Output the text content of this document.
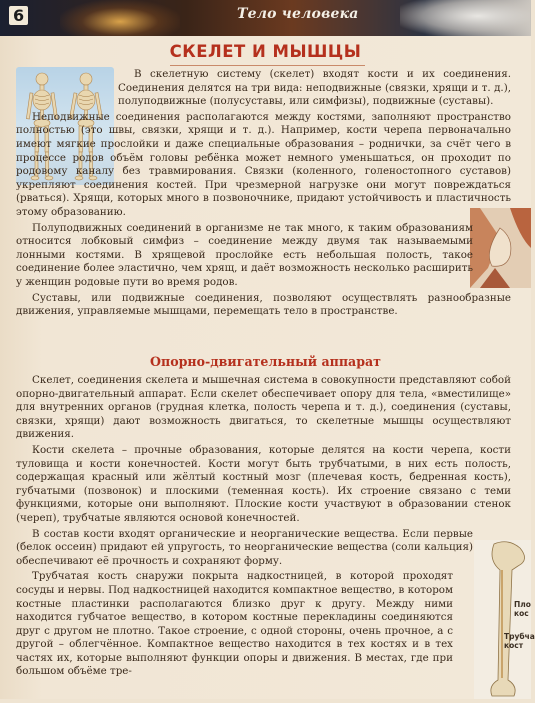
6	Тело человека
СКЕЛЕТ И МЫШЦЫ

В скелетную систему (скелет) входят кости и их соединения. Соединения делятся на три вида: неподвижные (связки, хрящи и т. д.), полуподвижные (полусуставы, или симфизы), подвижные (суставы).

Неподвижные соединения располагаются между костями, заполняют пространство полностью (это швы, связки, хрящи и т. д.). Например, кости черепа первоначально имеют мягкие прослойки и даже специальные образования – роднички, за счёт чего в процессе родов объём головы ребёнка может немного уменьшаться, он проходит по родовому каналу без травмирования. Связки (коленного, голеностопного суставов) укрепляют соединения костей. При чрезмерной нагрузке они могут повреждаться (рваться). Хрящи, которых много в позвоночнике, придают устойчивость и пластичность этому образованию.

Полуподвижных соединений в организме не так много, к таким образованиям относится лобковый симфиз – соединение между двумя так называемыми лонными костями. В хрящевой прослойке есть небольшая полость, такое соединение более эластично, чем хрящ, и даёт возможность несколько расширить у женщин родовые пути во время родов.

Суставы, или подвижные соединения, позволяют осуществлять разнообразные движения, управляемые мышцами, перемещать тело в пространстве.

Опорно-двигательный аппарат

Скелет, соединения скелета и мышечная система в совокупности представляют собой опорно-двигательный аппарат. Если скелет обеспечивает опору для тела, «вместилище» для внутренних органов (грудная клетка, полость черепа и т. д.), соединения (суставы, связки, хрящи) дают возможность двигаться, то скелетные мышцы осуществляют движения.

Кости скелета – прочные образования, которые делятся на кости черепа, кости туловища и кости конечностей. Кости могут быть трубчатыми, в них есть полость, содержащая красный или жёлтый костный мозг (плечевая кость, бедренная кость), губчатыми (позвонок) и плоскими (теменная кость). Их строение связано с теми функциями, которые они выполняют. Плоские кости участвуют в образовании стенок (череп), трубчатые являются основой конечностей.

В состав кости входят органические и неорганические вещества. Если первые (белок оссеин) придают ей упругость, то неорганические вещества (соли кальция) обеспечивают её прочность и сохраняют форму.

Трубчатая кость снаружи покрыта надкостницей, в которой проходят сосуды и нервы. Под надкостницей находится компактное вещество, в котором костные пластинки располагаются близко друг к другу. Между ними находится губчатое вещество, в котором костные перекладины соединяются друг с другом не плотно. Такое строение, с одной стороны, очень прочное, а с другой – облегчённое. Компактное вещество находится в тех костях и в тех частях их, которые выполняют функции опоры и движения. В местах, где при большом объёме тре-

Пло кос
Трубча кост
